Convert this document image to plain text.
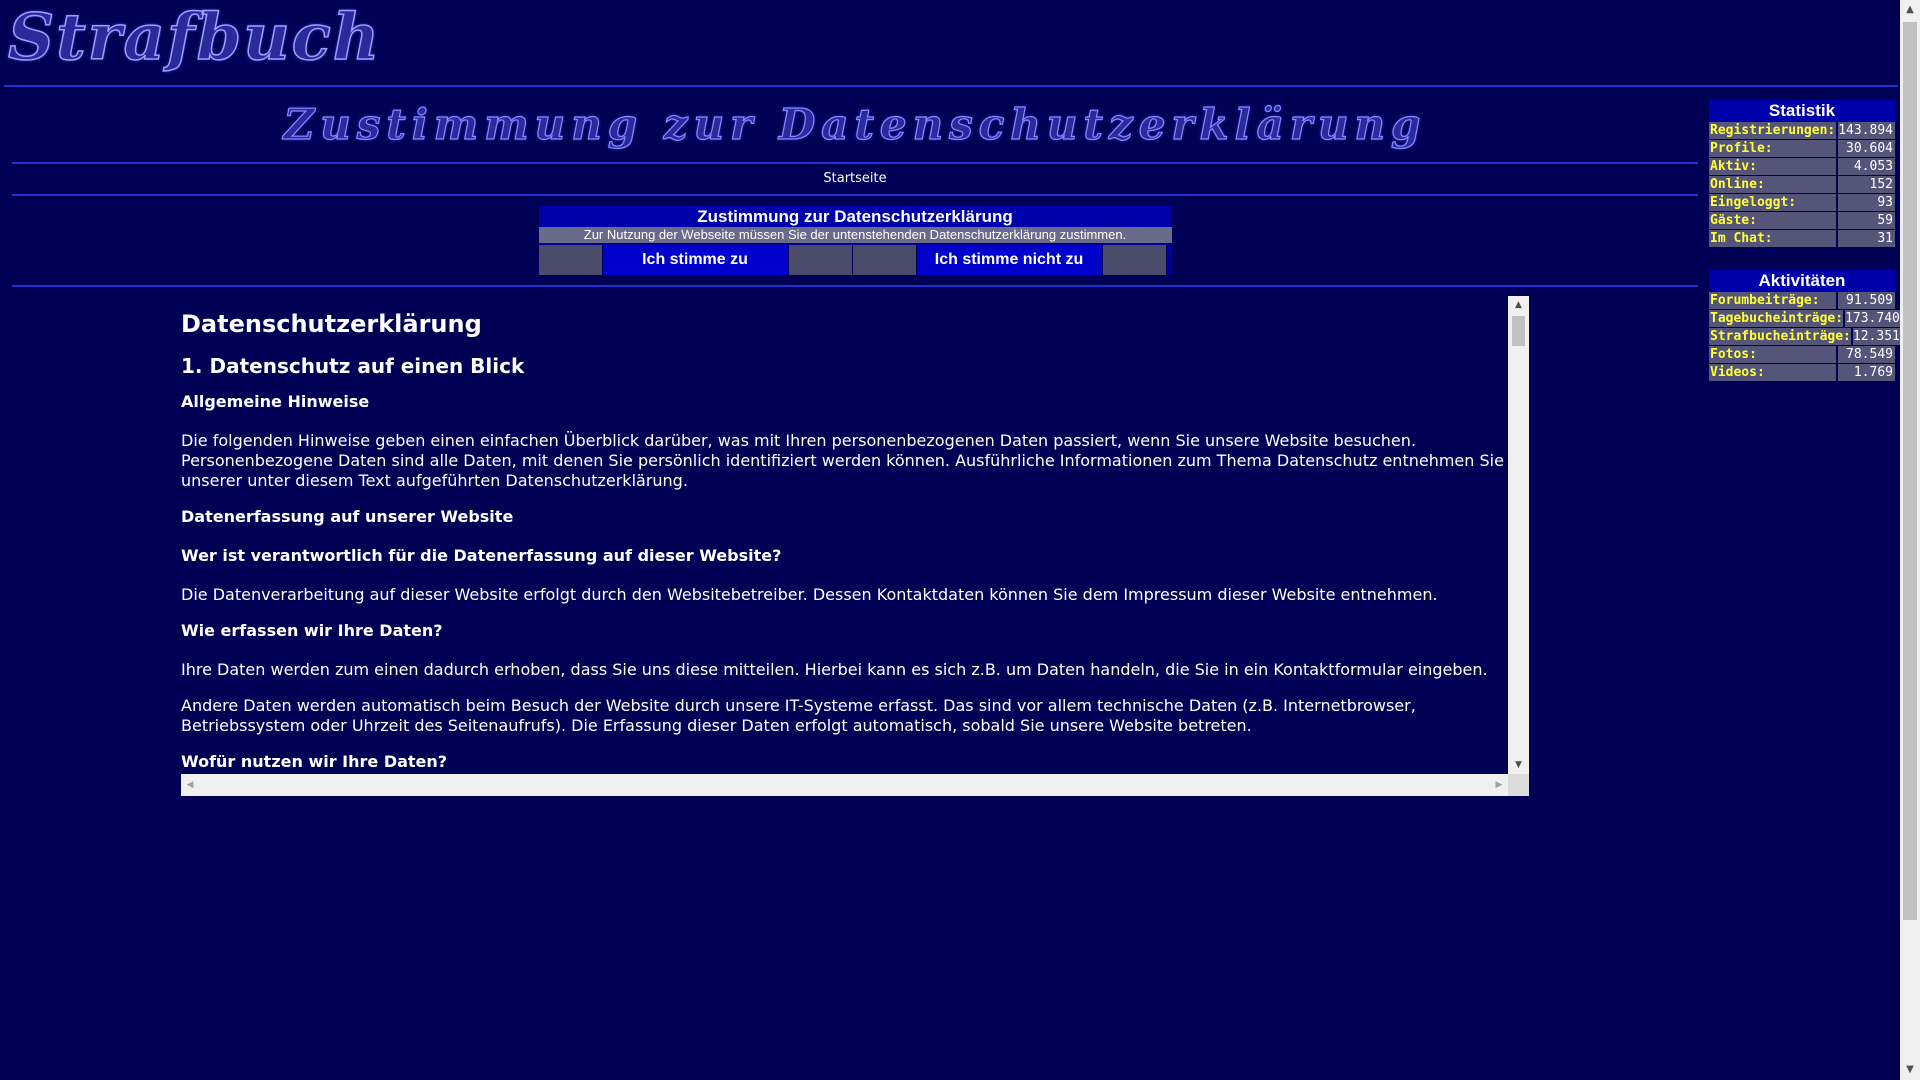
Strafbuch
Zustimmung zur Datenschutzerklärung
Startseite
Zustimmung zur Datenschutzerklärung
Zur Nutzung der Webseite müssen Sie der untenstehenden Datenschutzerklärung zustimmen.
Ich stimme zu	Ich stimme nicht zu
Datenschutzerklärung
1. Datenschutz auf einen Blick
Allgemeine Hinweise

Die folgenden Hinweise geben einen einfachen Überblick darüber, was mit Ihren personenbezogenen Daten passiert, wenn Sie unsere Website besuchen. Personenbezogene Daten sind alle Daten, mit denen Sie persönlich identifiziert werden können. Ausführliche Informationen zum Thema Datenschutz entnehmen Sie unserer unter diesem Text aufgeführten Datenschutzerklärung.

Datenerfassung auf unserer Website
Wer ist verantwortlich für die Datenerfassung auf dieser Website?

Die Datenverarbeitung auf dieser Website erfolgt durch den Websitebetreiber. Dessen Kontaktdaten können Sie dem Impressum dieser Website entnehmen.

Wie erfassen wir Ihre Daten?

Ihre Daten werden zum einen dadurch erhoben, dass Sie uns diese mitteilen. Hierbei kann es sich z.B. um Daten handeln, die Sie in ein Kontaktformular eingeben.

Andere Daten werden automatisch beim Besuch der Website durch unsere IT-Systeme erfasst. Das sind vor allem technische Daten (z.B. Internetbrowser, Betriebssystem oder Uhrzeit des Seitenaufrufs). Die Erfassung dieser Daten erfolgt automatisch, sobald Sie unsere Website betreten.

Wofür nutzen wir Ihre Daten?
▲
▼
◀	▶
Statistik
Registrierungen: 143.894
Profile:	30.604
Aktiv:	4.053
Online:	152
Eingeloggt:	93
Gäste:	59
Im Chat:	31
Aktivitäten
Forumbeiträge:	91.509
Tagebucheinträge: 173.740
Strafbucheinträge: 12.351
Fotos:	78.549
Videos:	1.769
▲
▼
